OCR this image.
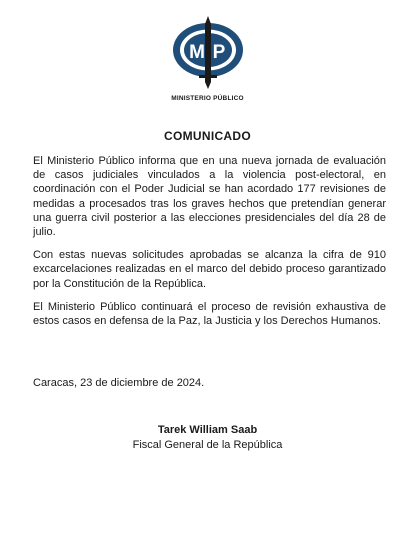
M P
MINISTERIO PÚBLICO
COMUNICADO

El Ministerio Público informa que en una nueva jornada de evaluación de casos judiciales vinculados a la violencia post-electoral, en coordinación con el Poder Judicial se han acordado 177 revisiones de medidas a procesados tras los graves hechos que pretendían generar una guerra civil posterior a las elecciones presidenciales del día 28 de julio.

Con estas nuevas solicitudes aprobadas se alcanza la cifra de 910 excarcelaciones realizadas en el marco del debido proceso garantizado por la Constitución de la República.

El Ministerio Público continuará el proceso de revisión exhaustiva de estos casos en defensa de la Paz, la Justicia y los Derechos Humanos.

Caracas, 23 de diciembre de 2024.
Tarek William Saab
Fiscal General de la República
